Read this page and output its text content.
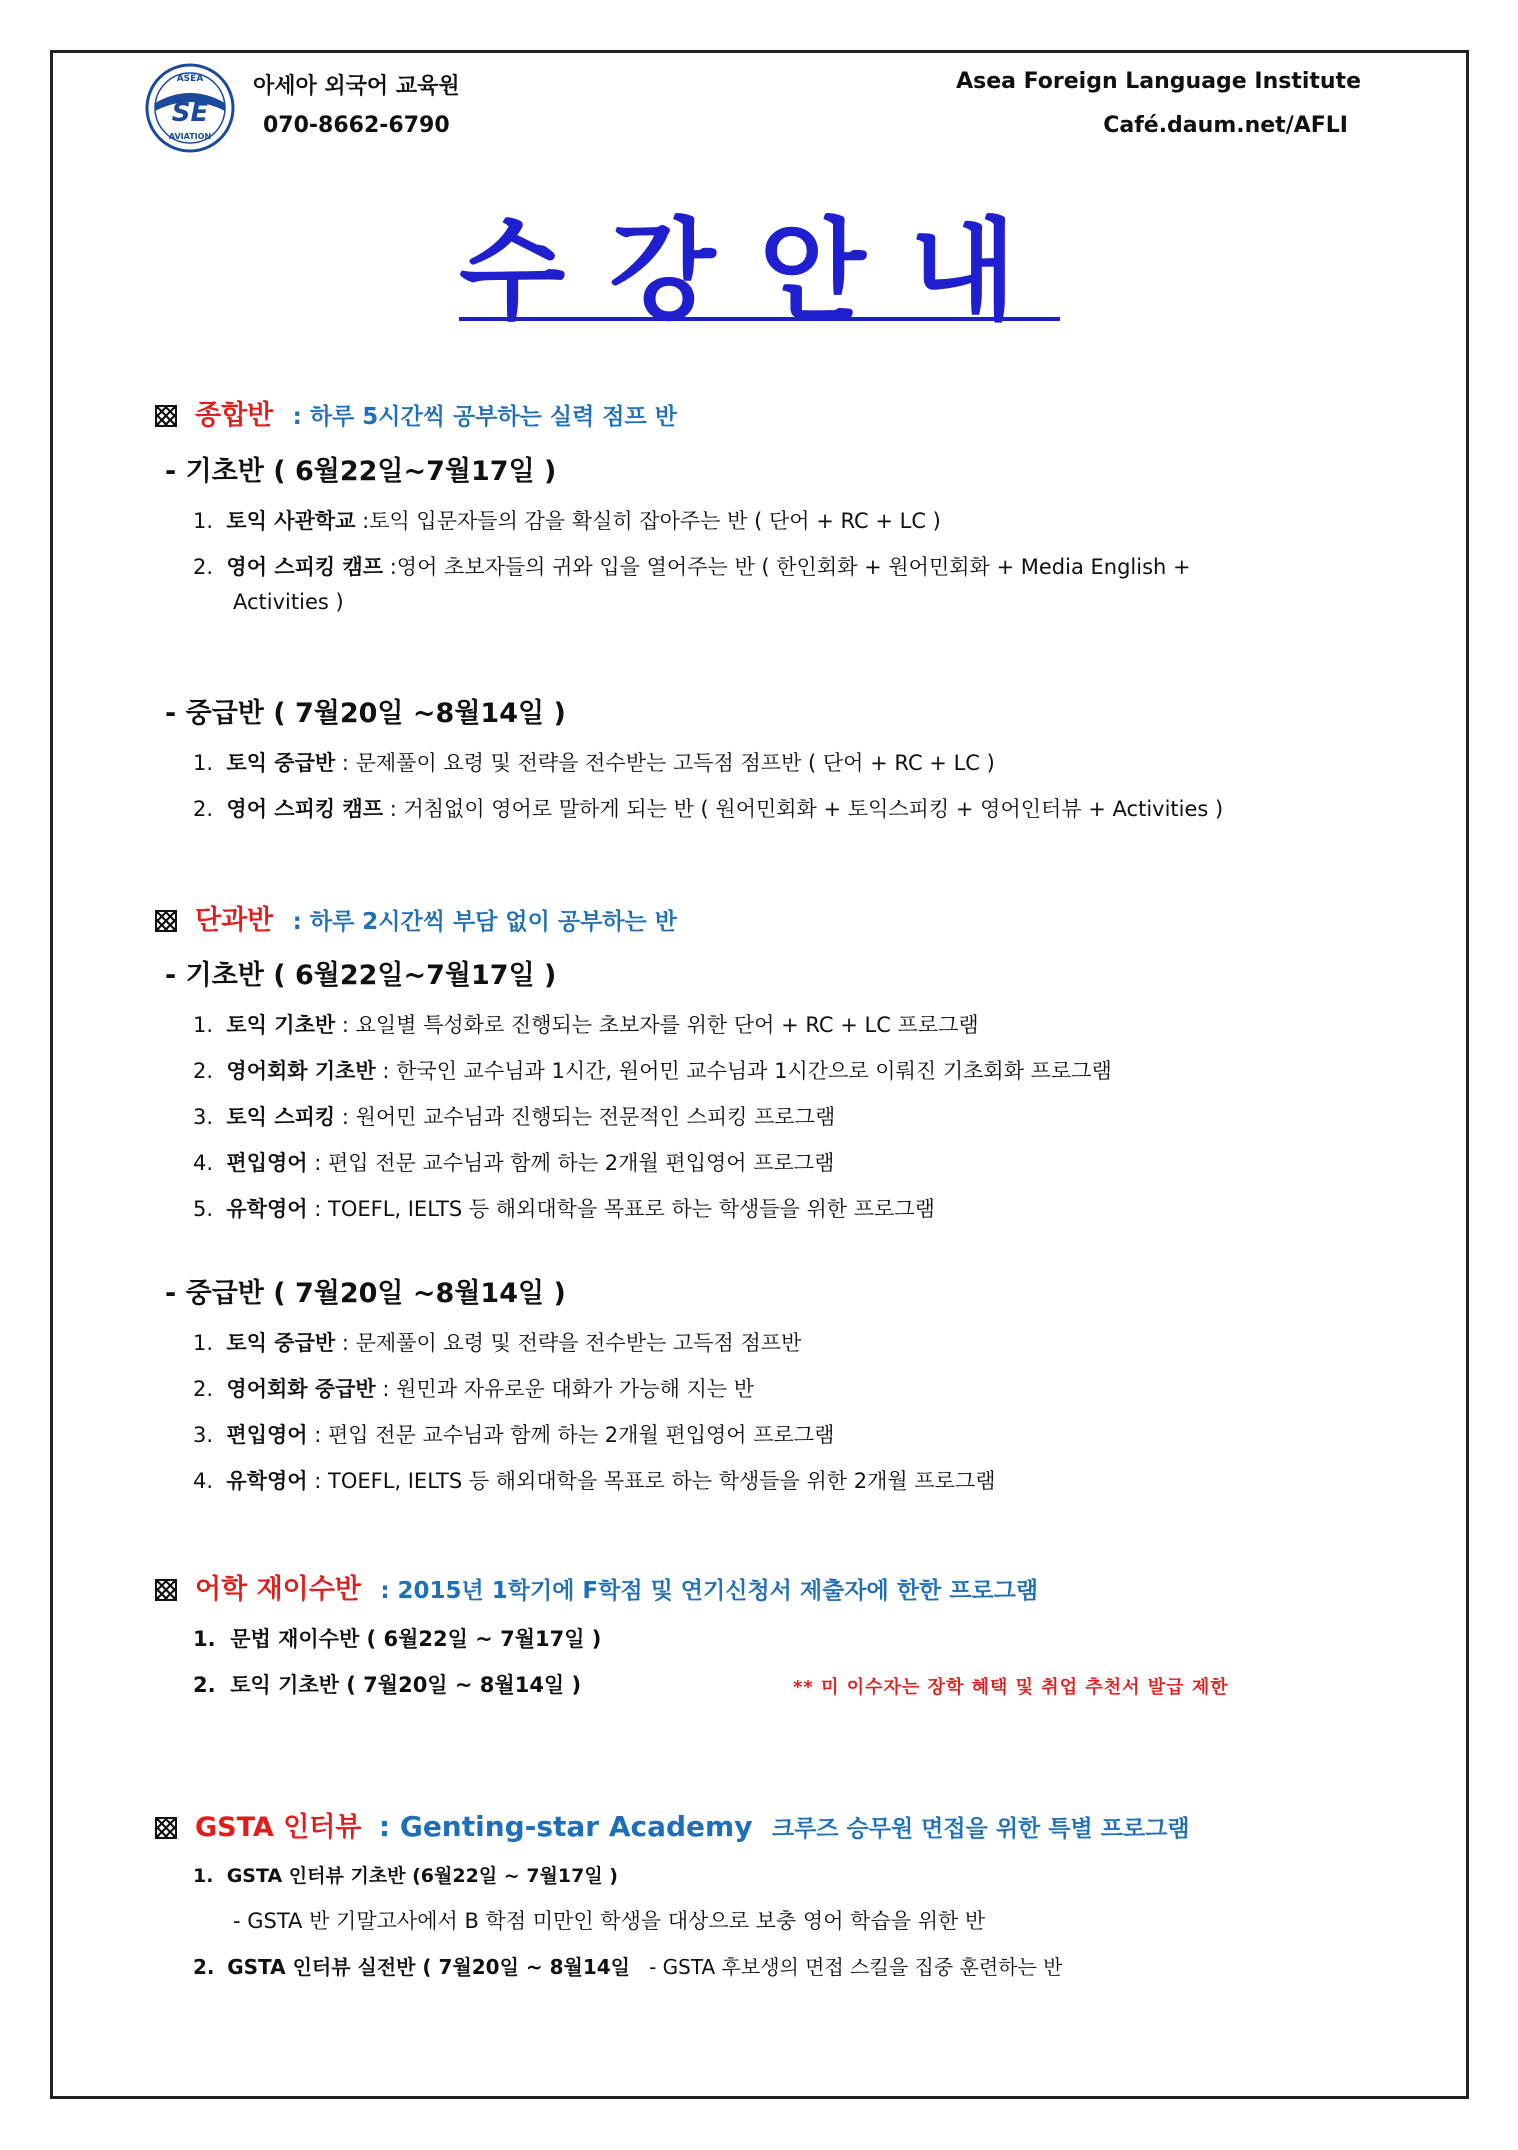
ASEA
SE
AVIATION
아세아 외국어 교육원
070-8662-6790
Asea Foreign Language Institute
Café.daum.net/AFLI
수강안내
종합반 : 하루 5시간씩 공부하는 실력 점프 반
- 기초반 ( 6월22일~7월17일 )
1. 토익 사관학교 :토익 입문자들의 감을 확실히 잡아주는 반 ( 단어 + RC + LC )
2. 영어 스피킹 캠프 :영어 초보자들의 귀와 입을 열어주는 반 ( 한인회화 + 원어민회화 + Media English +
Activities )
- 중급반 ( 7월20일 ~8월14일 )
1. 토익 중급반 : 문제풀이 요령 및 전략을 전수받는 고득점 점프반 ( 단어 + RC + LC )
2. 영어 스피킹 캠프 : 거침없이 영어로 말하게 되는 반 ( 원어민회화 + 토익스피킹 + 영어인터뷰 + Activities )
단과반 : 하루 2시간씩 부담 없이 공부하는 반
- 기초반 ( 6월22일~7월17일 )
1. 토익 기초반 : 요일별 특성화로 진행되는 초보자를 위한 단어 + RC + LC 프로그램
2. 영어회화 기초반 : 한국인 교수님과 1시간, 원어민 교수님과 1시간으로 이뤄진 기초회화 프로그램
3. 토익 스피킹 : 원어민 교수님과 진행되는 전문적인 스피킹 프로그램
4. 편입영어 : 편입 전문 교수님과 함께 하는 2개월 편입영어 프로그램
5. 유학영어 : TOEFL, IELTS 등 해외대학을 목표로 하는 학생들을 위한 프로그램
- 중급반 ( 7월20일 ~8월14일 )
1. 토익 중급반 : 문제풀이 요령 및 전략을 전수받는 고득점 점프반
2. 영어회화 중급반 : 원민과 자유로운 대화가 가능해 지는 반
3. 편입영어 : 편입 전문 교수님과 함께 하는 2개월 편입영어 프로그램
4. 유학영어 : TOEFL, IELTS 등 해외대학을 목표로 하는 학생들을 위한 2개월 프로그램
어학 재이수반 : 2015년 1학기에 F학점 및 연기신청서 제출자에 한한 프로그램
1. 문법 재이수반 ( 6월22일 ~ 7월17일 )
2. 토익 기초반 ( 7월20일 ~ 8월14일 )	** 미 이수자는 장학 혜택 및 취업 추천서 발급 제한
GSTA 인터뷰 : Genting-star Academy 크루즈 승무원 면접을 위한 특별 프로그램
1. GSTA 인터뷰 기초반 (6월22일 ~ 7월17일 )
- GSTA 반 기말고사에서 B 학점 미만인 학생을 대상으로 보충 영어 학습을 위한 반
2. GSTA 인터뷰 실전반 ( 7월20일 ~ 8월14일 - GSTA 후보생의 면접 스킬을 집중 훈련하는 반
